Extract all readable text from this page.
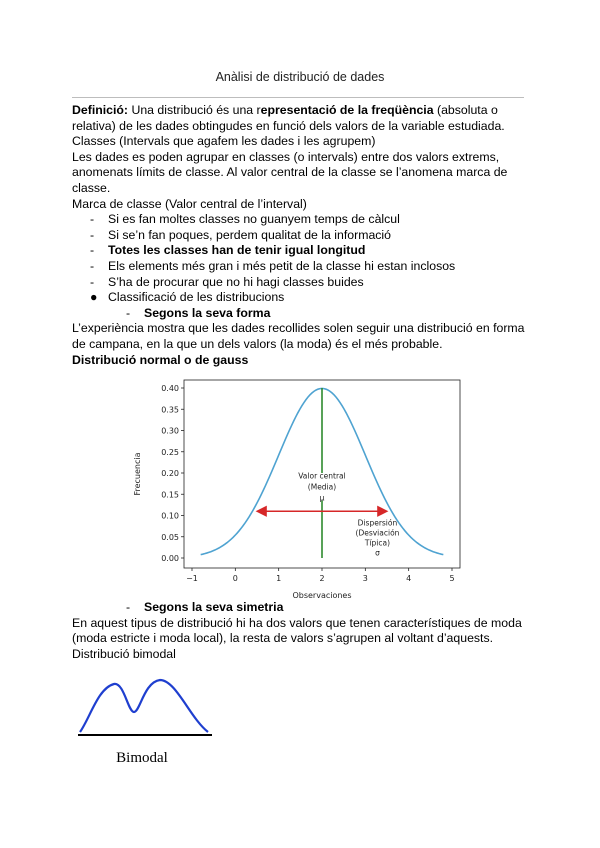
Anàlisi de distribució de dades

Definició: Una distribució és una representació de la freqüència (absoluta o relativa) de les dades obtingudes en funció dels valors de la variable estudiada.

Classes (Intervals que agafem les dades i les agrupem)

Les dades es poden agrupar en classes (o intervals) entre dos valors extrems, anomenats límits de classe. Al valor central de la classe se l’anomena marca de classe.

Marca de classe (Valor central de l’interval)

- Si es fan moltes classes no guanyem temps de càlcul
- Si se’n fan poques, perdem qualitat de la informació
- Totes les classes han de tenir igual longitud
- Els elements més gran i més petit de la classe hi estan inclosos
- S’ha de procurar que no hi hagi classes buides
● Classificació de les distribucions

- Segons la seva forma

L’experiència mostra que les dades recollides solen seguir una distribució en forma de campana, en la que un dels valors (la moda) és el més probable.

Distribució normal o de gauss

0.00
0.05
0.10
0.15
0.20
0.25
0.30
0.35
0.40
−1	0	1	2	3	4	5
Observaciones
Frecuencia	Valor central
(Media)
μ
Dispersión
(Desviación
Típica)
σ

- Segons la seva simetria

En aquest tipus de distribució hi ha dos valors que tenen característiques de moda (moda estricte i moda local), la resta de valors s’agrupen al voltant d’aquests.

Distribució bimodal

Bimodal
